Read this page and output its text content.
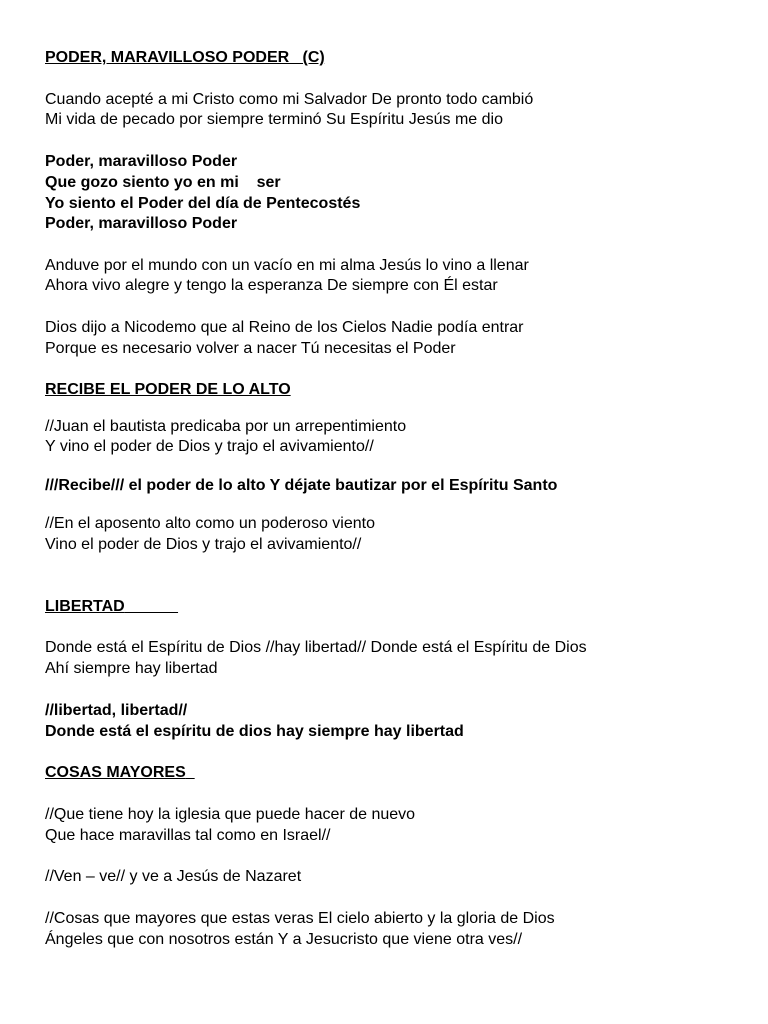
PODER, MARAVILLOSO PODER   (C)
Cuando acepté a mi Cristo como mi Salvador De pronto todo cambió
Mi vida de pecado por siempre terminó Su Espíritu Jesús me dio
Poder, maravilloso Poder
Que gozo siento yo en mi    ser
Yo siento el Poder del día de Pentecostés
Poder, maravilloso Poder
Anduve por el mundo con un vacío en mi alma Jesús lo vino a llenar
Ahora vivo alegre y tengo la esperanza De siempre con Él estar
Dios dijo a Nicodemo que al Reino de los Cielos Nadie podía entrar
Porque es necesario volver a nacer Tú necesitas el Poder
RECIBE EL PODER DE LO ALTO
//Juan el bautista predicaba por un arrepentimiento
Y vino el poder de Dios y trajo el avivamiento//
///Recibe/// el poder de lo alto Y déjate bautizar por el Espíritu Santo
//En el aposento alto como un poderoso viento
Vino el poder de Dios y trajo el avivamiento//
LIBERTAD
Donde está el Espíritu de Dios //hay libertad// Donde está el Espíritu de Dios
Ahí siempre hay libertad
//libertad, libertad//
Donde está el espíritu de dios hay siempre hay libertad
COSAS MAYORES
//Que tiene hoy la iglesia que puede hacer de nuevo
Que hace maravillas tal como en Israel//
//Ven – ve// y ve a Jesús de Nazaret
//Cosas que mayores que estas veras El cielo abierto y la gloria de Dios
Ángeles que con nosotros están Y a Jesucristo que viene otra ves//
